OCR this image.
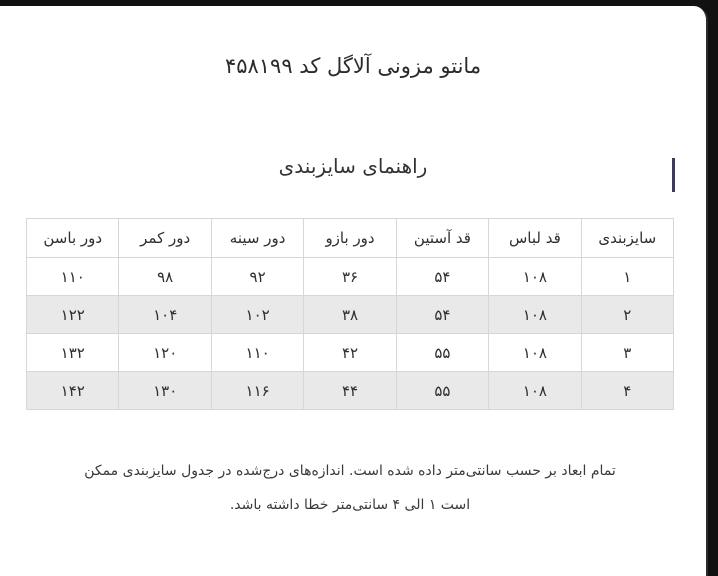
مانتو مزونی آلاگل کد ۴۵۸۱۹۹
راهنمای سایزبندی
سایزبندی	قد لباس	قد آستین	دور بازو	دور سینه	دور کمر	دور باسن
۱	۱۰۸	۵۴	۳۶	۹۲	۹۸	۱۱۰
۲	۱۰۸	۵۴	۳۸	۱۰۲	۱۰۴	۱۲۲
۳	۱۰۸	۵۵	۴۲	۱۱۰	۱۲۰	۱۳۲
۴	۱۰۸	۵۵	۴۴	۱۱۶	۱۳۰	۱۴۲
تمام ابعاد بر حسب سانتی‌متر داده شده است. اندازه‌های درج‌شده در جدول سایزبندی ممکن
است ۱ الی ۴ سانتی‌متر خطا داشته باشد.
